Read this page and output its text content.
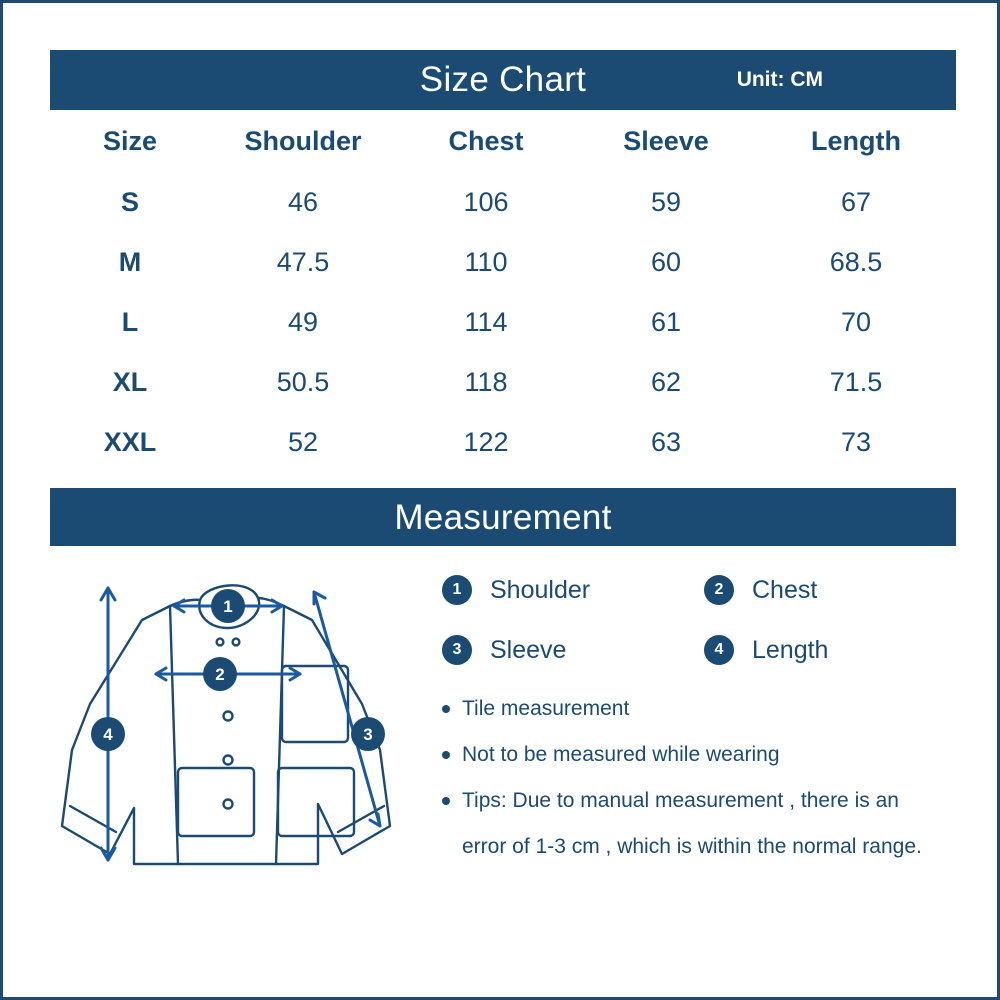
Size Chart	Unit: CM
Size	Shoulder	Chest	Sleeve	Length
S	46	106	59	67
M	47.5	110	60	68.5
L	49	114	61	70
XL	50.5	118	62	71.5
XXL	52	122	63	73
Measurement
1
2
3
4
1	Shoulder	2	Chest
3	Sleeve	4	Length
Tile measurement
Not to be measured while wearing
Tips: Due to manual measurement , there is an
error of 1-3 cm , which is within the normal range.
